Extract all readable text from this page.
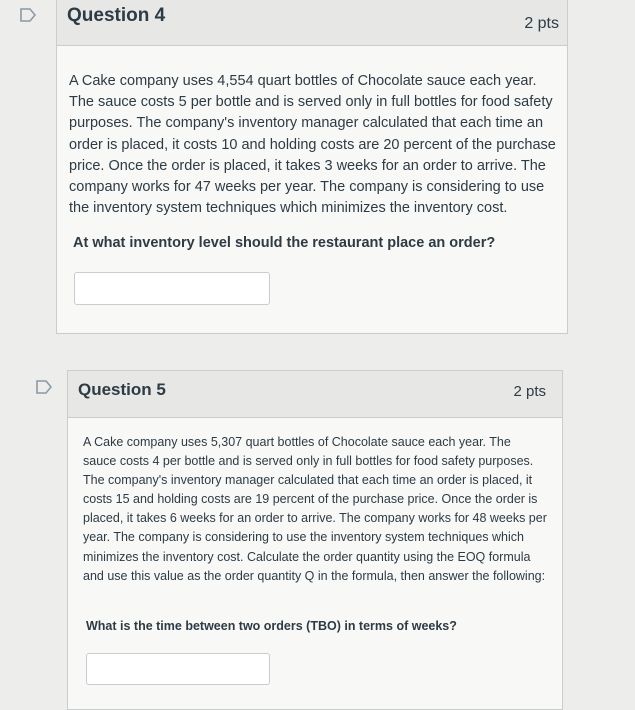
Question 4	2 pts
A Cake company uses 4,554 quart bottles of Chocolate sauce each year. The sauce costs 5 per bottle and is served only in full bottles for food safety purposes. The company's inventory manager calculated that each time an order is placed, it costs 10 and holding costs are 20 percent of the purchase price. Once the order is placed, it takes 3 weeks for an order to arrive. The company works for 47 weeks per year. The company is considering to use the inventory system techniques which minimizes the inventory cost.
At what inventory level should the restaurant place an order?
Question 5	2 pts
A Cake company uses 5,307 quart bottles of Chocolate sauce each year. The sauce costs 4 per bottle and is served only in full bottles for food safety purposes. The company's inventory manager calculated that each time an order is placed, it costs 15 and holding costs are 19 percent of the purchase price. Once the order is placed, it takes 6 weeks for an order to arrive. The company works for 48 weeks per year. The company is considering to use the inventory system techniques which minimizes the inventory cost. Calculate the order quantity using the EOQ formula and use this value as the order quantity Q in the formula, then answer the following:
What is the time between two orders (TBO) in terms of weeks?
